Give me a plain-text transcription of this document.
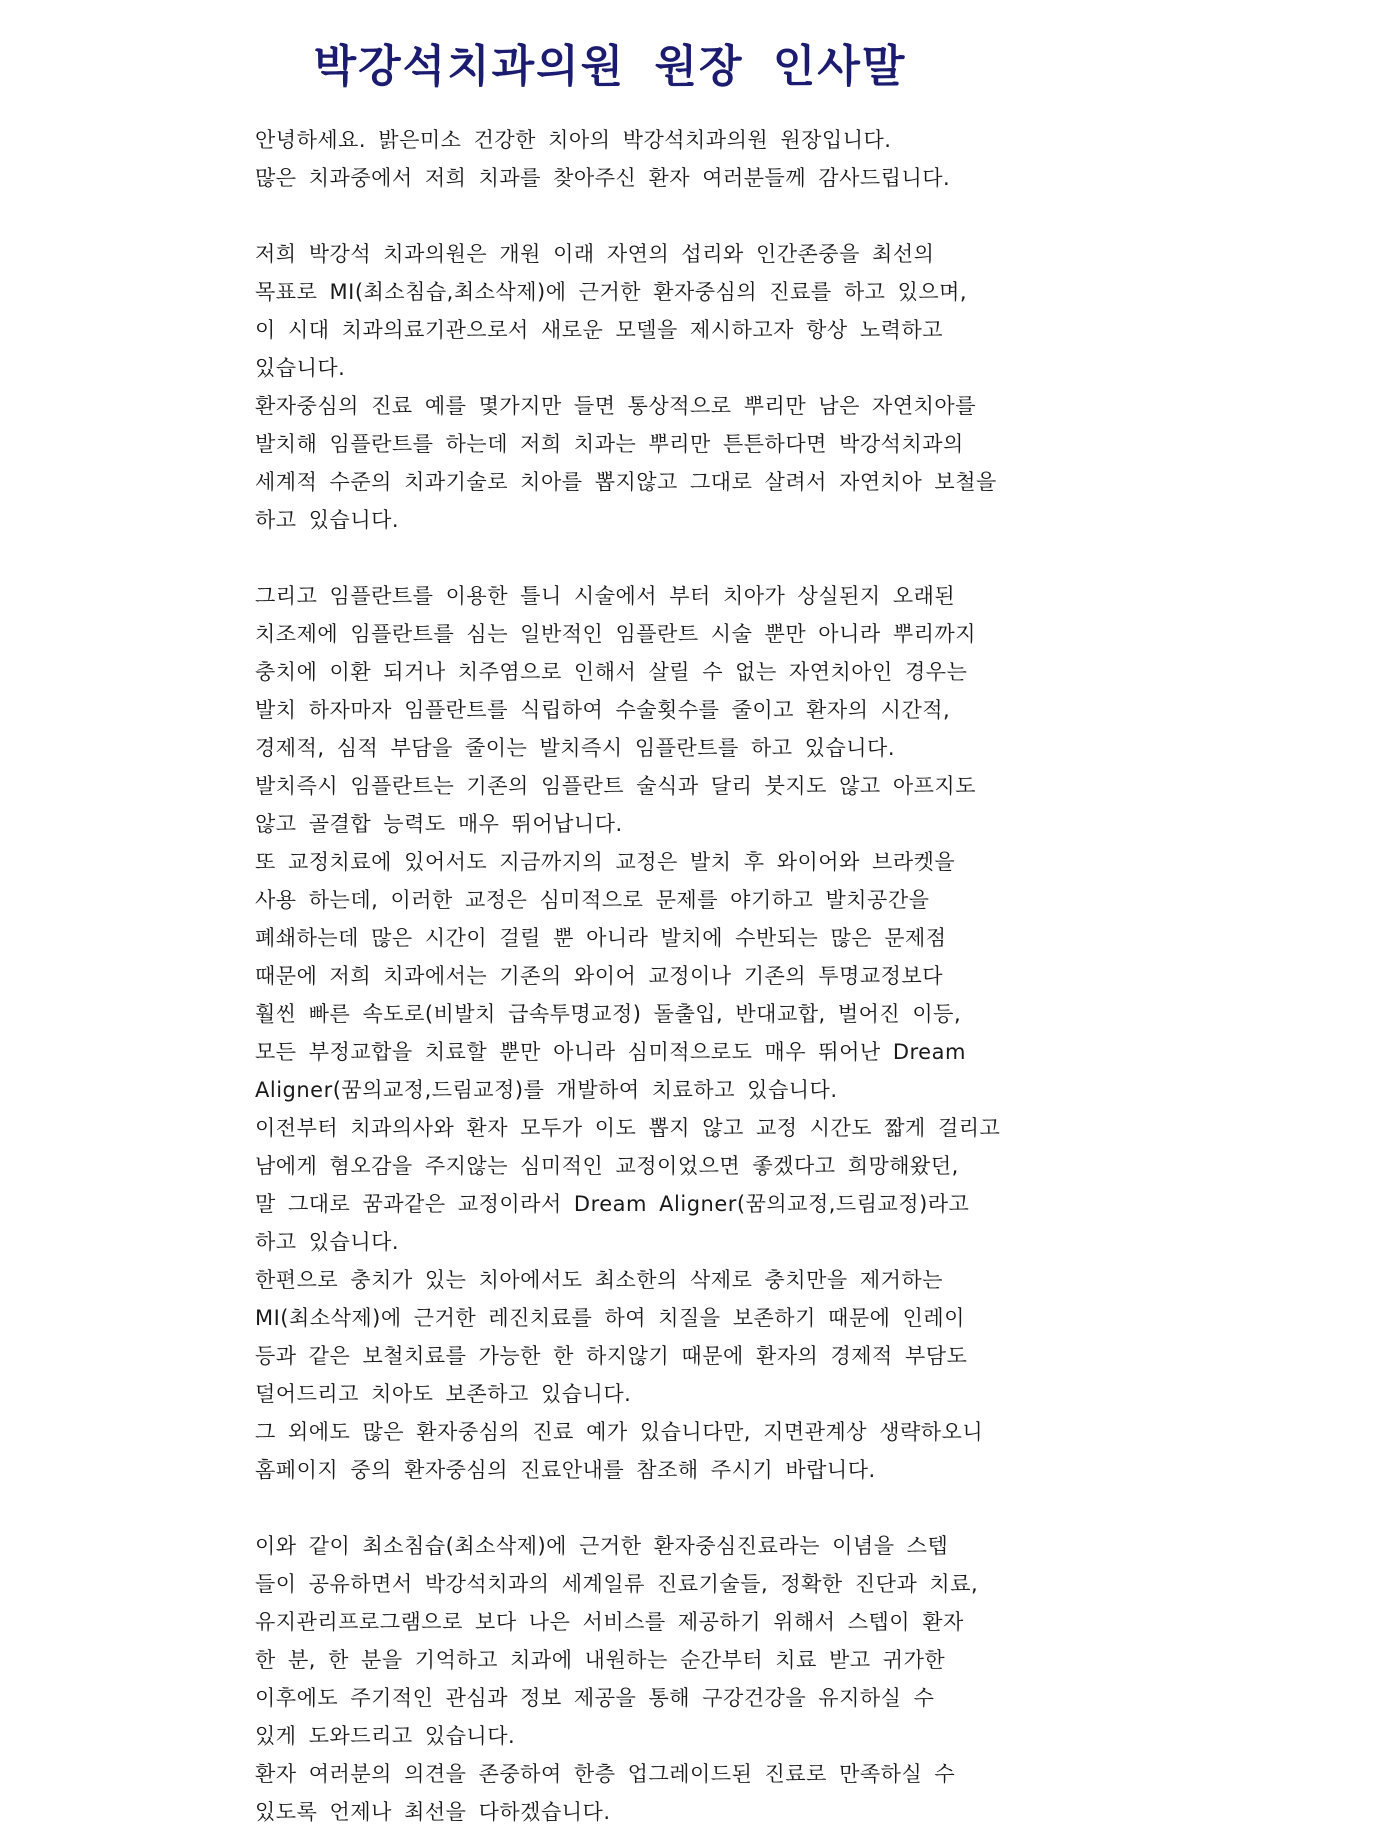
박강석치과의원 원장 인사말
안녕하세요. 밝은미소 건강한 치아의 박강석치과의원 원장입니다.
많은 치과중에서 저희 치과를 찾아주신 환자 여러분들께 감사드립니다.
저희 박강석 치과의원은 개원 이래 자연의 섭리와 인간존중을 최선의
목표로 MI(최소침습,최소삭제)에 근거한 환자중심의 진료를 하고 있으며,
이 시대 치과의료기관으로서 새로운 모델을 제시하고자 항상 노력하고
있습니다.
환자중심의 진료 예를 몇가지만 들면 통상적으로 뿌리만 남은 자연치아를
발치해 임플란트를 하는데 저희 치과는 뿌리만 튼튼하다면 박강석치과의
세계적 수준의 치과기술로 치아를 뽑지않고 그대로 살려서 자연치아 보철을
하고 있습니다.
그리고 임플란트를 이용한 틀니 시술에서 부터 치아가 상실된지 오래된
치조제에 임플란트를 심는 일반적인 임플란트 시술 뿐만 아니라 뿌리까지
충치에 이환 되거나 치주염으로 인해서 살릴 수 없는 자연치아인 경우는
발치 하자마자 임플란트를 식립하여 수술횟수를 줄이고 환자의 시간적,
경제적, 심적 부담을 줄이는 발치즉시 임플란트를 하고 있습니다.
발치즉시 임플란트는 기존의 임플란트 술식과 달리 붓지도 않고 아프지도
않고 골결합 능력도 매우 뛰어납니다.
또 교정치료에 있어서도 지금까지의 교정은 발치 후 와이어와 브라켓을
사용 하는데, 이러한 교정은 심미적으로 문제를 야기하고 발치공간을
폐쇄하는데 많은 시간이 걸릴 뿐 아니라 발치에 수반되는 많은 문제점
때문에 저희 치과에서는 기존의 와이어 교정이나 기존의 투명교정보다
훨씬 빠른 속도로(비발치 급속투명교정) 돌출입, 반대교합, 벌어진 이등,
모든 부정교합을 치료할 뿐만 아니라 심미적으로도 매우 뛰어난 Dream
Aligner(꿈의교정,드림교정)를 개발하여 치료하고 있습니다.
이전부터 치과의사와 환자 모두가 이도 뽑지 않고 교정 시간도 짧게 걸리고
남에게 혐오감을 주지않는 심미적인 교정이었으면 좋겠다고 희망해왔던,
말 그대로 꿈과같은 교정이라서 Dream Aligner(꿈의교정,드림교정)라고
하고 있습니다.
한편으로 충치가 있는 치아에서도 최소한의 삭제로 충치만을 제거하는
MI(최소삭제)에 근거한 레진치료를 하여 치질을 보존하기 때문에 인레이
등과 같은 보철치료를 가능한 한 하지않기 때문에 환자의 경제적 부담도
덜어드리고 치아도 보존하고 있습니다.
그 외에도 많은 환자중심의 진료 예가 있습니다만, 지면관계상 생략하오니
홈페이지 중의 환자중심의 진료안내를 참조해 주시기 바랍니다.
이와 같이 최소침습(최소삭제)에 근거한 환자중심진료라는 이념을 스텝
들이 공유하면서 박강석치과의 세계일류 진료기술들, 정확한 진단과 치료,
유지관리프로그램으로 보다 나은 서비스를 제공하기 위해서 스텝이 환자
한 분, 한 분을 기억하고 치과에 내원하는 순간부터 치료 받고 귀가한
이후에도 주기적인 관심과 정보 제공을 통해 구강건강을 유지하실 수
있게 도와드리고 있습니다.
환자 여러분의 의견을 존중하여 한층 업그레이드된 진료로 만족하실 수
있도록 언제나 최선을 다하겠습니다.
